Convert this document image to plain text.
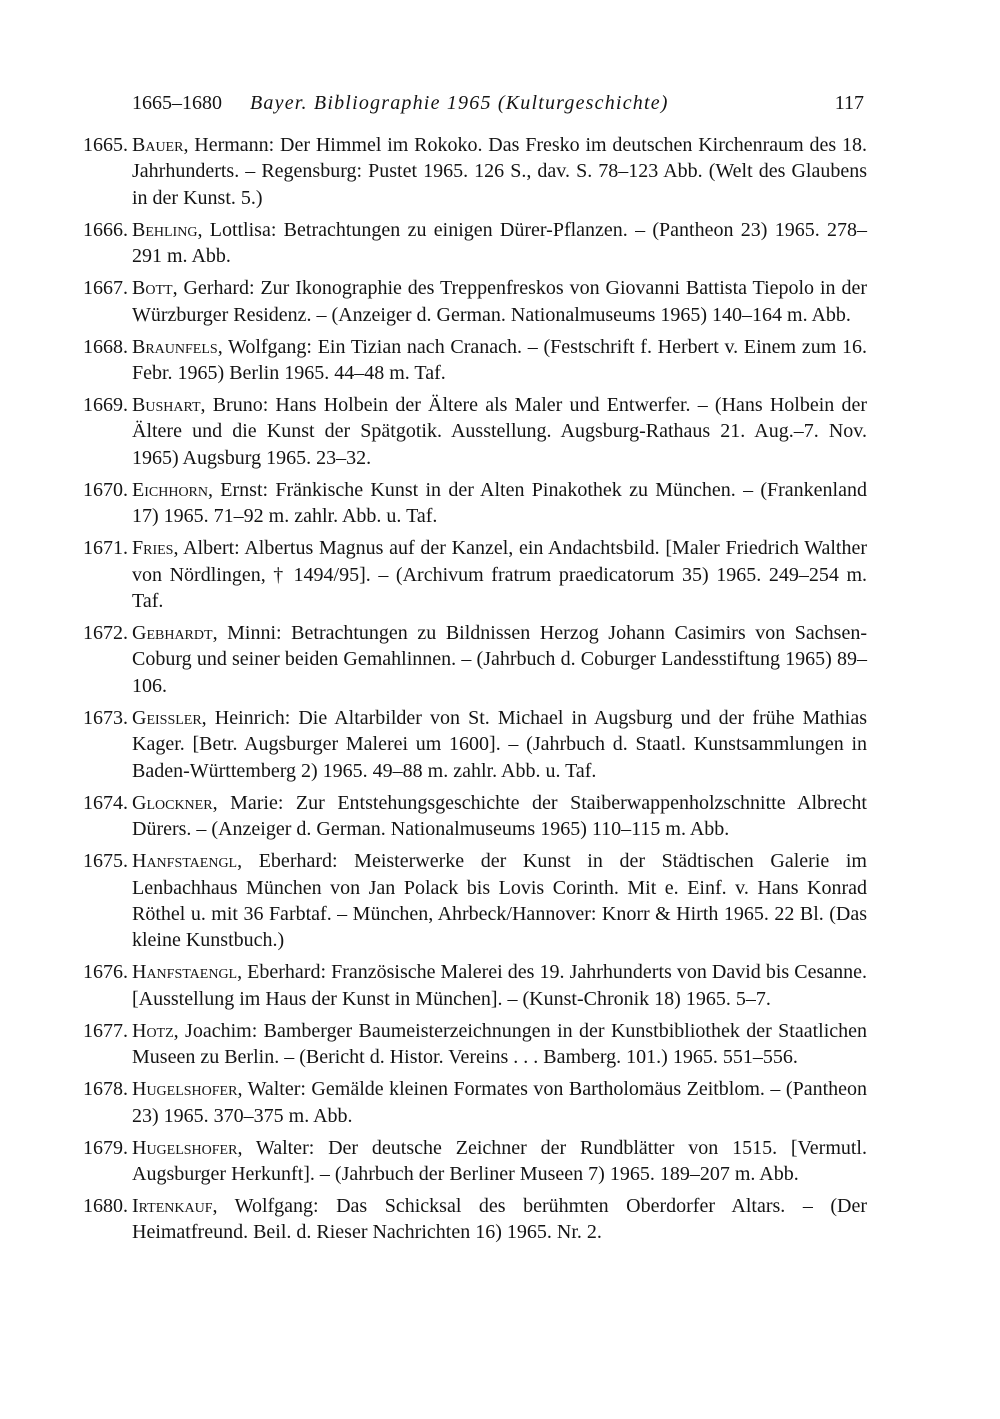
1665–1680 Bayer. Bibliographie 1965 (Kulturgeschichte)	117
1665. Bauer, Hermann: Der Himmel im Rokoko. Das Fresko im deutschen Kirchenraum des 18. Jahrhunderts. – Regensburg: Pustet 1965. 126 S., dav. S. 78–123 Abb. (Welt des Glaubens in der Kunst. 5.)
1666. Behling, Lottlisa: Betrachtungen zu einigen Dürer-Pflanzen. – (Pantheon 23) 1965. 278–291 m. Abb.
1667. Bott, Gerhard: Zur Ikonographie des Treppenfreskos von Giovanni Battista Tiepolo in der Würzburger Residenz. – (Anzeiger d. German. Nationalmuseums 1965) 140–164 m. Abb.
1668. Braunfels, Wolfgang: Ein Tizian nach Cranach. – (Festschrift f. Herbert v. Einem zum 16. Febr. 1965) Berlin 1965. 44–48 m. Taf.
1669. Bushart, Bruno: Hans Holbein der Ältere als Maler und Entwerfer. – (Hans Holbein der Ältere und die Kunst der Spätgotik. Ausstellung. Augsburg-Rathaus 21. Aug.–7. Nov. 1965) Augsburg 1965. 23–32.
1670. Eichhorn, Ernst: Fränkische Kunst in der Alten Pinakothek zu München. – (Frankenland 17) 1965. 71–92 m. zahlr. Abb. u. Taf.
1671. Fries, Albert: Albertus Magnus auf der Kanzel, ein Andachtsbild. [Maler Friedrich Walther von Nördlingen, † 1494/95]. – (Archivum fratrum praedicatorum 35) 1965. 249–254 m. Taf.
1672. Gebhardt, Minni: Betrachtungen zu Bildnissen Herzog Johann Casimirs von Sachsen-Coburg und seiner beiden Gemahlinnen. – (Jahrbuch d. Coburger Landesstiftung 1965) 89–106.
1673. Geissler, Heinrich: Die Altarbilder von St. Michael in Augsburg und der frühe Mathias Kager. [Betr. Augsburger Malerei um 1600]. – (Jahrbuch d. Staatl. Kunstsammlungen in Baden-Württemberg 2) 1965. 49–88 m. zahlr. Abb. u. Taf.
1674. Glockner, Marie: Zur Entstehungsgeschichte der Staiberwappenholzschnitte Albrecht Dürers. – (Anzeiger d. German. Nationalmuseums 1965) 110–115 m. Abb.
1675. Hanfstaengl, Eberhard: Meisterwerke der Kunst in der Städtischen Galerie im Lenbachhaus München von Jan Polack bis Lovis Corinth. Mit e. Einf. v. Hans Konrad Röthel u. mit 36 Farbtaf. – München, Ahrbeck/Hannover: Knorr & Hirth 1965. 22 Bl. (Das kleine Kunstbuch.)
1676. Hanfstaengl, Eberhard: Französische Malerei des 19. Jahrhunderts von David bis Cesanne. [Ausstellung im Haus der Kunst in München]. – (Kunst-Chronik 18) 1965. 5–7.
1677. Hotz, Joachim: Bamberger Baumeisterzeichnungen in der Kunstbibliothek der Staatlichen Museen zu Berlin. – (Bericht d. Histor. Vereins . . . Bamberg. 101.) 1965. 551–556.
1678. Hugelshofer, Walter: Gemälde kleinen Formates von Bartholomäus Zeitblom. – (Pantheon 23) 1965. 370–375 m. Abb.
1679. Hugelshofer, Walter: Der deutsche Zeichner der Rundblätter von 1515. [Vermutl. Augsburger Herkunft]. – (Jahrbuch der Berliner Museen 7) 1965. 189–207 m. Abb.
1680. Irtenkauf, Wolfgang: Das Schicksal des berühmten Oberdorfer Altars. – (Der Heimatfreund. Beil. d. Rieser Nachrichten 16) 1965. Nr. 2.
